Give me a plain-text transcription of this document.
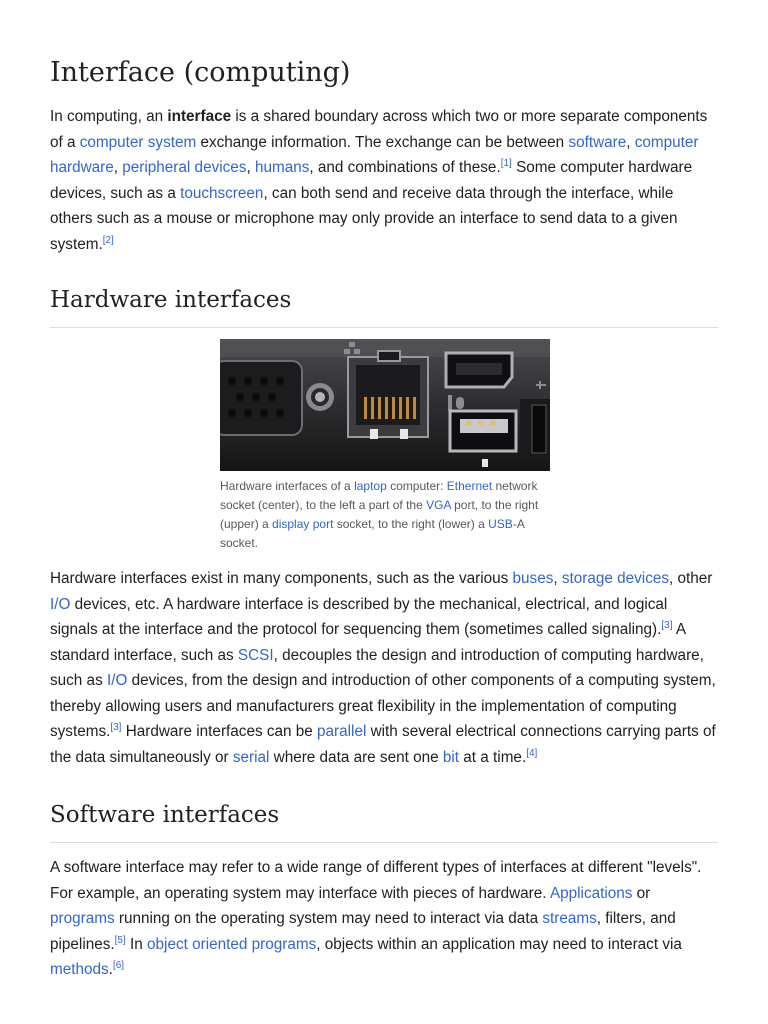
Interface (computing)

In computing, an interface is a shared boundary across which two or more separate components of a computer system exchange information. The exchange can be between software, computer hardware, peripheral devices, humans, and combinations of these.[1] Some computer hardware devices, such as a touchscreen, can both send and receive data through the interface, while others such as a mouse or microphone may only provide an interface to send data to a given system.[2]

Hardware interfaces
Hardware interfaces of a laptop computer: Ethernet network socket (center), to the left a part of the VGA port, to the right (upper) a display port socket, to the right (lower) a USB-A socket.

Hardware interfaces exist in many components, such as the various buses, storage devices, other I/O devices, etc. A hardware interface is described by the mechanical, electrical, and logical signals at the interface and the protocol for sequencing them (sometimes called signaling).[3] A standard interface, such as SCSI, decouples the design and introduction of computing hardware, such as I/O devices, from the design and introduction of other components of a computing system, thereby allowing users and manufacturers great flexibility in the implementation of computing systems.[3] Hardware interfaces can be parallel with several electrical connections carrying parts of the data simultaneously or serial where data are sent one bit at a time.[4]

Software interfaces

A software interface may refer to a wide range of different types of interfaces at different "levels". For example, an operating system may interface with pieces of hardware. Applications or programs running on the operating system may need to interact via data streams, filters, and pipelines.[5] In object oriented programs, objects within an application may need to interact via methods.[6]
